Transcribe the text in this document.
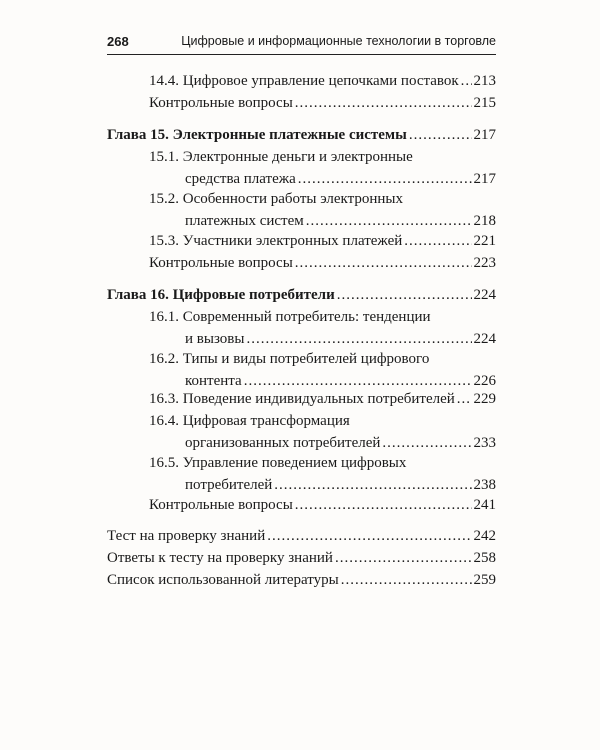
268	Цифровые и информационные технологии в торговле
14.4. Цифровое управление цепочками поставок ..... 213
Контрольные вопросы .....	215
Глава 15. Электронные платежные системы .....	217
15.1. Электронные деньги и электронные
средства платежа .....	217
15.2. Особенности работы электронных
платежных систем .....	218
15.3. Участники электронных платежей .....	221
Контрольные вопросы .....	223
Глава 16. Цифровые потребители .....	224
16.1. Современный потребитель: тенденции
и вызовы .....	224
16.2. Типы и виды потребителей цифрового
контента .....	226
16.3. Поведение индивидуальных потребителей ..... 229
16.4. Цифровая трансформация
организованных потребителей .....	233
16.5. Управление поведением цифровых
потребителей .....	238
Контрольные вопросы .....	241
Тест на проверку знаний .....	242
Ответы к тесту на проверку знаний .....	258
Список использованной литературы .....	259
